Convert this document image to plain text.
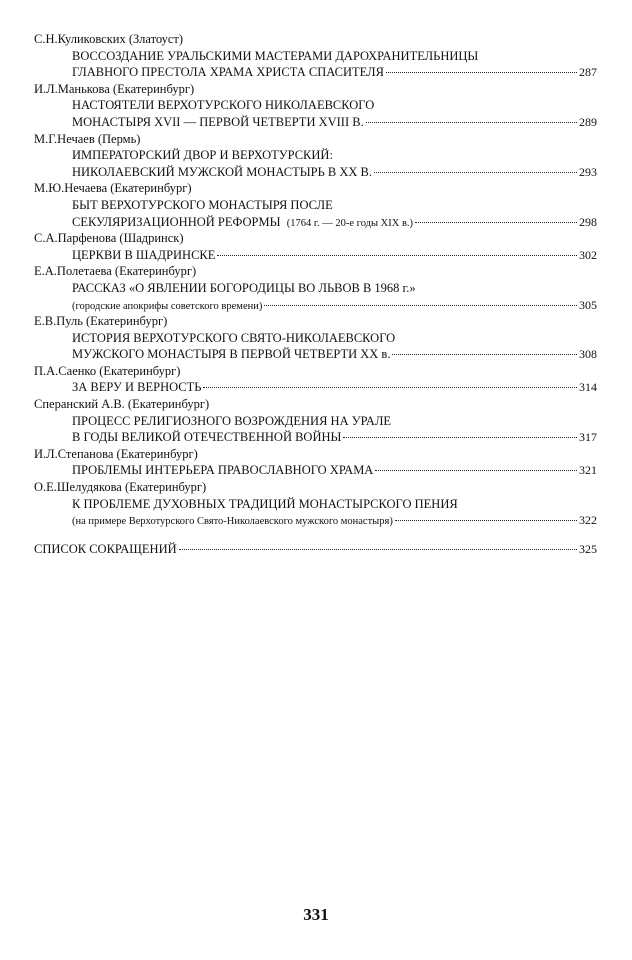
С.Н.Куликовских (Златоуст)
ВОССОЗДАНИЕ УРАЛЬСКИМИ МАСТЕРАМИ ДАРОХРАНИТЕЛЬНИЦЫ
ГЛАВНОГО ПРЕСТОЛА ХРАМА ХРИСТА СПАСИТЕЛЯ	287
И.Л.Манькова (Екатеринбург)
НАСТОЯТЕЛИ ВЕРХОТУРСКОГО НИКОЛАЕВСКОГО
МОНАСТЫРЯ XVII — ПЕРВОЙ ЧЕТВЕРТИ XVIII В.	289
М.Г.Нечаев (Пермь)
ИМПЕРАТОРСКИЙ ДВОР И ВЕРХОТУРСКИЙ:
НИКОЛАЕВСКИЙ МУЖСКОЙ МОНАСТЫРЬ В XX В.	293
М.Ю.Нечаева (Екатеринбург)
БЫТ ВЕРХОТУРСКОГО МОНАСТЫРЯ ПОСЛЕ
СЕКУЛЯРИЗАЦИОННОЙ РЕФОРМЫ (1764 г. — 20-е годы XIX в.)	298
С.А.Парфенова (Шадринск)
ЦЕРКВИ В ШАДРИНСКЕ	302
Е.А.Полетаева (Екатеринбург)
РАССКАЗ «О ЯВЛЕНИИ БОГОРОДИЦЫ ВО ЛЬВОВ В 1968 г.»
(городские апокрифы советского времени)	305
Е.В.Пуль (Екатеринбург)
ИСТОРИЯ ВЕРХОТУРСКОГО СВЯТО-НИКОЛАЕВСКОГО
МУЖСКОГО МОНАСТЫРЯ В ПЕРВОЙ ЧЕТВЕРТИ XX в.	308
П.А.Саенко (Екатеринбург)
ЗА ВЕРУ И ВЕРНОСТЬ	314
Сперанский А.В. (Екатеринбург)
ПРОЦЕСС РЕЛИГИОЗНОГО ВОЗРОЖДЕНИЯ НА УРАЛЕ
В ГОДЫ ВЕЛИКОЙ ОТЕЧЕСТВЕННОЙ ВОЙНЫ	317
И.Л.Степанова (Екатеринбург)
ПРОБЛЕМЫ ИНТЕРЬЕРА ПРАВОСЛАВНОГО ХРАМА	321
О.Е.Шелудякова (Екатеринбург)
К ПРОБЛЕМЕ ДУХОВНЫХ ТРАДИЦИЙ МОНАСТЫРСКОГО ПЕНИЯ
(на примере Верхотурского Свято-Николаевского мужского монастыря)	322
СПИСОК СОКРАЩЕНИЙ	325
331
